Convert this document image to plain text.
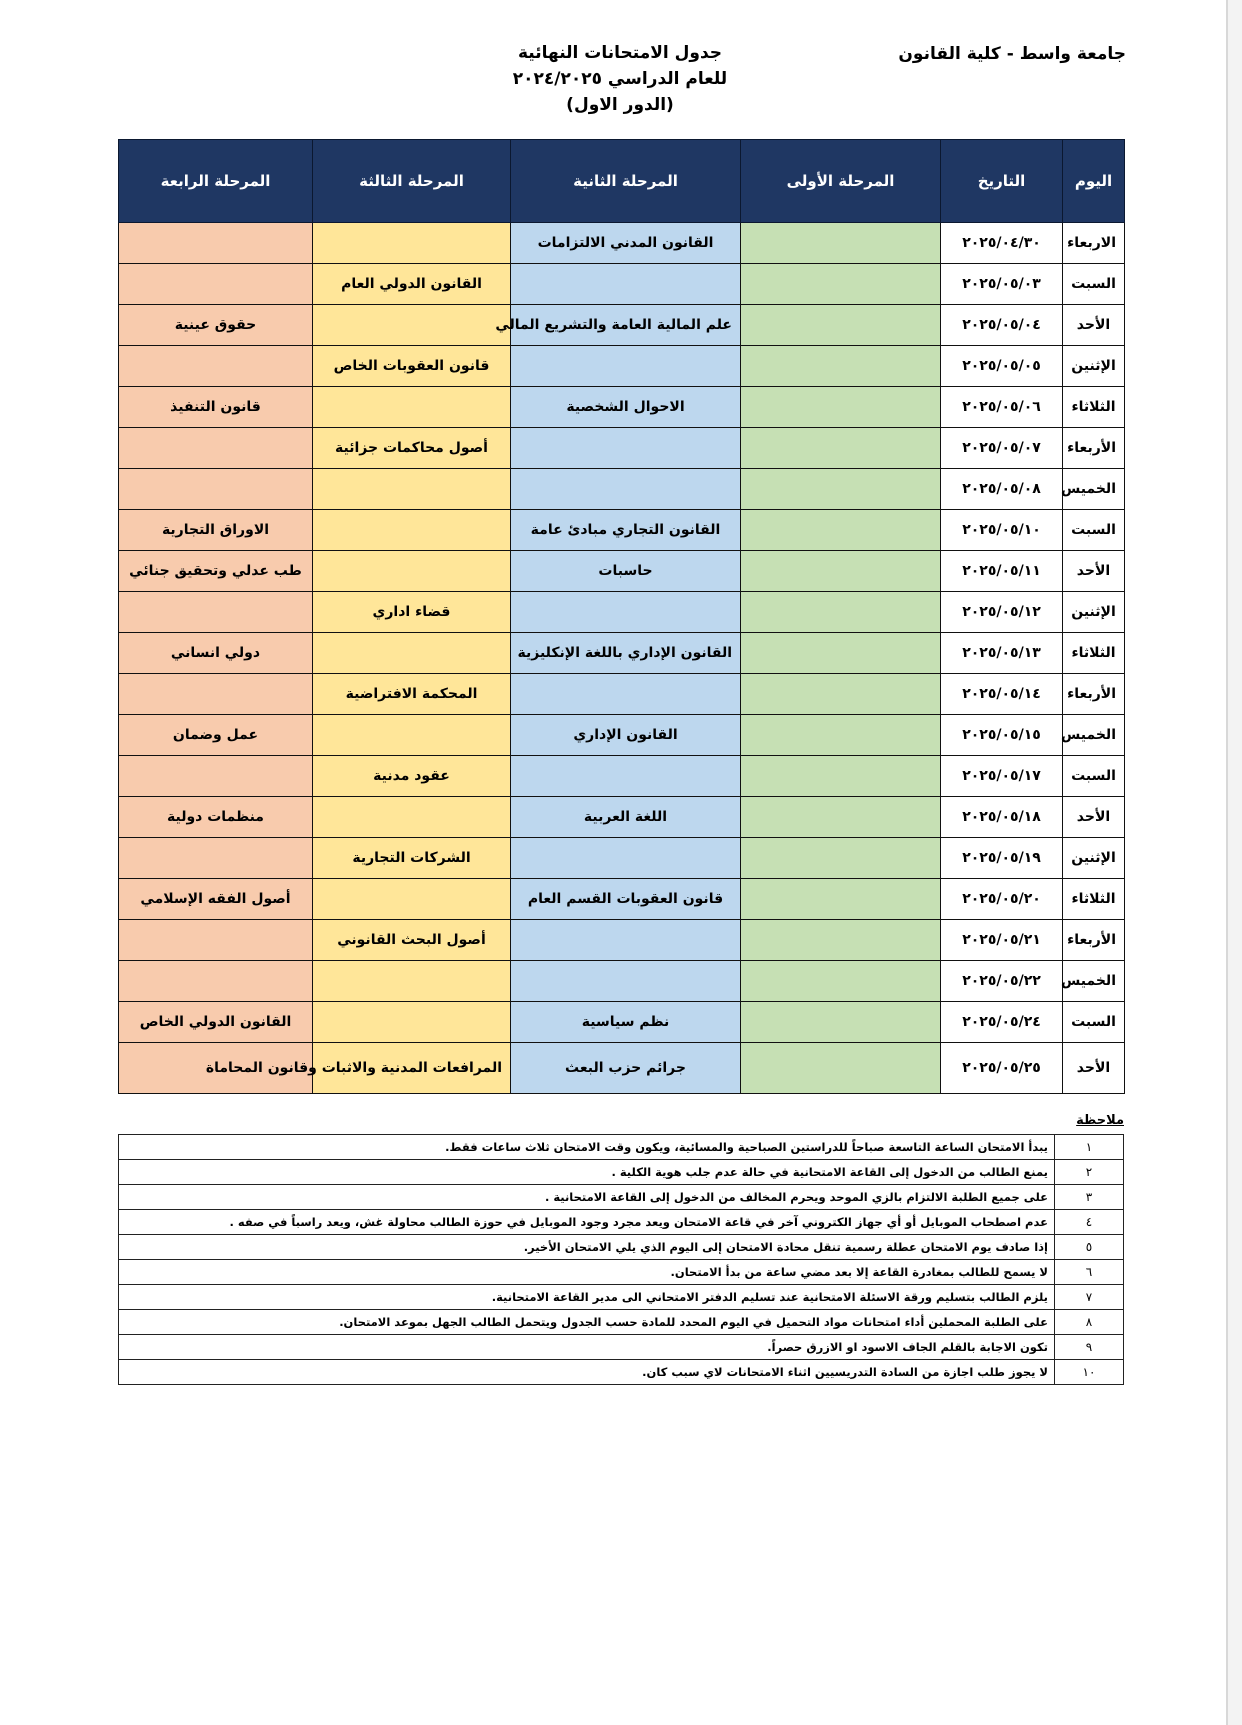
جامعة واسط - كلية القانون
جدول الامتحانات النهائية
للعام الدراسي ٢٠٢٤/٢٠٢٥
(الدور الاول)
اليوم	التاريخ	المرحلة الأولى	المرحلة الثانية	المرحلة الثالثة	المرحلة الرابعة
الاربعاء	٢٠٢٥/٠٤/٣٠		القانون المدني الالتزامات		
السبت	٢٠٢٥/٠٥/٠٣			القانون الدولي العام	
الأحد	٢٠٢٥/٠٥/٠٤		علم المالية العامة والتشريع المالي		حقوق عينية
الإثنين	٢٠٢٥/٠٥/٠٥			قانون العقوبات الخاص	
الثلاثاء	٢٠٢٥/٠٥/٠٦		الاحوال الشخصية		قانون التنفيذ
الأربعاء	٢٠٢٥/٠٥/٠٧			أصول محاكمات جزائية	
الخميس	٢٠٢٥/٠٥/٠٨				
السبت	٢٠٢٥/٠٥/١٠		القانون التجاري مبادئ عامة		الاوراق التجارية
الأحد	٢٠٢٥/٠٥/١١		حاسبات		طب عدلي وتحقيق جنائي
الإثنين	٢٠٢٥/٠٥/١٢			قضاء اداري	
الثلاثاء	٢٠٢٥/٠٥/١٣		القانون الإداري باللغة الإنكليزية		دولي انساني
الأربعاء	٢٠٢٥/٠٥/١٤			المحكمة الافتراضية	
الخميس	٢٠٢٥/٠٥/١٥		القانون الإداري		عمل وضمان
السبت	٢٠٢٥/٠٥/١٧			عقود مدنية	
الأحد	٢٠٢٥/٠٥/١٨		اللغة العربية		منظمات دولية
الإثنين	٢٠٢٥/٠٥/١٩			الشركات التجارية	
الثلاثاء	٢٠٢٥/٠٥/٢٠		قانون العقوبات القسم العام		أصول الفقه الإسلامي
الأربعاء	٢٠٢٥/٠٥/٢١			أصول البحث القانوني	
الخميس	٢٠٢٥/٠٥/٢٢				
السبت	٢٠٢٥/٠٥/٢٤		نظم سياسية		القانون الدولي الخاص
الأحد	٢٠٢٥/٠٥/٢٥		جرائم حزب البعث	المرافعات المدنية والاثبات وقانون المحاماة	
ملاحظة
١	يبدأ الامتحان الساعة التاسعة صباحاً للدراستين الصباحية والمسائية، ويكون وقت الامتحان ثلاث ساعات فقط.
٢	يمنع الطالب من الدخول إلى القاعة الامتحانية في حالة عدم جلب هوية الكلية .
٣	على جميع الطلبة الالتزام بالزي الموحد ويحرم المخالف من الدخول إلى القاعة الامتحانية .
٤	عدم اصطحاب الموبايل أو أي جهاز الكتروني آخر في قاعة الامتحان ويعد مجرد وجود الموبايل في حوزة الطالب محاولة غش، ويعد راسباً في صفه .
٥	إذا صادف يوم الامتحان عطلة رسمية تنقل محادة الامتحان إلى اليوم الذي يلي الامتحان الأخير.
٦	لا يسمح للطالب بمغادرة القاعة إلا بعد مضي ساعة من بدأ الامتحان.
٧	يلزم الطالب بتسليم ورقة الاسئلة الامتحانية عند تسليم الدفتر الامتحاني الى مدير القاعة الامتحانية.
٨	على الطلبة المحملين أداء امتحانات مواد التحميل في اليوم المحدد للمادة حسب الجدول ويتحمل الطالب الجهل بموعد الامتحان.
٩	تكون الاجابة بالقلم الجاف الاسود او الازرق حصراً.
١٠	لا يجوز طلب اجازة من السادة التدريسيين اثناء الامتحانات لاي سبب كان.
